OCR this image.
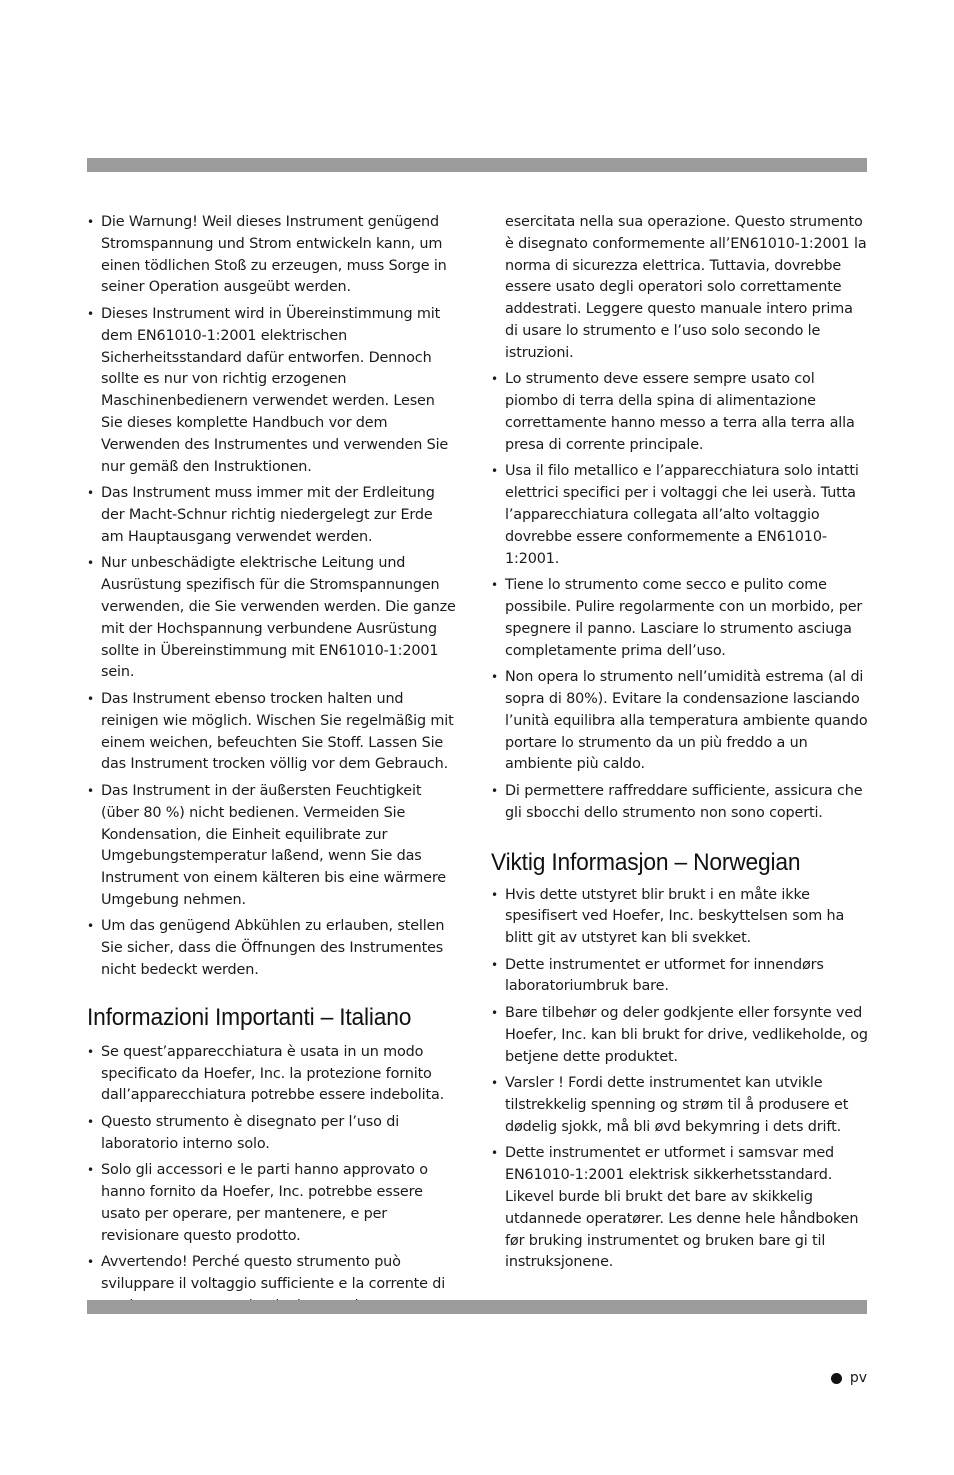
• Die Warnung! Weil dieses Instrument genügend Stromspannung und Strom entwickeln kann, um einen tödlichen Stoß zu erzeugen, muss Sorge in seiner Operation ausgeübt werden.
• Dieses Instrument wird in Übereinstimmung mit dem EN61010-1:2001 elektrischen Sicherheitsstandard dafür entworfen. Dennoch sollte es nur von richtig erzogenen Maschinenbedienern verwendet werden. Lesen Sie dieses komplette Handbuch vor dem Verwenden des Instrumentes und verwenden Sie nur gemäß den Instruktionen.
• Das Instrument muss immer mit der Erdleitung der Macht-Schnur richtig niedergelegt zur Erde am Hauptausgang verwendet werden.
• Nur unbeschädigte elektrische Leitung und Ausrüstung spezifisch für die Stromspannungen verwenden, die Sie verwenden werden. Die ganze mit der Hochspannung verbundene Ausrüstung sollte in Übereinstimmung mit EN61010-1:2001 sein.
• Das Instrument ebenso trocken halten und reinigen wie möglich. Wischen Sie regelmäßig mit einem weichen, befeuchten Sie Stoff. Lassen Sie das Instrument trocken völlig vor dem Gebrauch.
• Das Instrument in der äußersten Feuchtigkeit (über 80 %) nicht bedienen. Vermeiden Sie Kondensation, die Einheit equilibrate zur Umgebungstemperatur laßend, wenn Sie das Instrument von einem kälteren bis eine wärmere Umgebung nehmen.
• Um das genügend Abkühlen zu erlauben, stellen Sie sicher, dass die Öffnungen des Instrumentes nicht bedeckt werden.
Informazioni Importanti – Italiano
• Se quest’apparecchiatura è usata in un modo specificato da Hoefer, Inc. la protezione fornito dall’apparecchiatura potrebbe essere indebolita.
• Questo strumento è disegnato per l’uso di laboratorio interno solo.
• Solo gli accessori e le parti hanno approvato o hanno fornito da Hoefer, Inc. potrebbe essere usato per operare, per mantenere, e per revisionare questo prodotto.
• Avvertendo! Perché questo strumento può sviluppare il voltaggio sufficiente e la corrente di
esercitata nella sua operazione. Questo strumento è disegnato conformemente all’EN61010-1:2001 la norma di sicurezza elettrica. Tuttavia, dovrebbe essere usato degli operatori solo correttamente addestrati. Leggere questo manuale intero prima di usare lo strumento e l’uso solo secondo le istruzioni.
• Lo strumento deve essere sempre usato col piombo di terra della spina di alimentazione correttamente hanno messo a terra alla terra alla presa di corrente principale.
• Usa il filo metallico e l’apparecchiatura solo intatti elettrici specifici per i voltaggi che lei userà. Tutta l’apparecchiatura collegata all’alto voltaggio dovrebbe essere conformemente a EN61010-1:2001.
• Tiene lo strumento come secco e pulito come possibile. Pulire regolarmente con un morbido, per spegnere il panno. Lasciare lo strumento asciuga completamente prima dell’uso.
• Non opera lo strumento nell’umidità estrema (al di sopra di 80%). Evitare la condensazione lasciando l’unità equilibra alla temperatura ambiente quando portare lo strumento da un più freddo a un ambiente più caldo.
• Di permettere raffreddare sufficiente, assicura che gli sbocchi dello strumento non sono coperti.
Viktig Informasjon – Norwegian
• Hvis dette utstyret blir brukt i en måte ikke spesifisert ved Hoefer, Inc. beskyttelsen som ha blitt git av utstyret kan bli svekket.
• Dette instrumentet er utformet for innendørs laboratoriumbruk bare.
• Bare tilbehør og deler godkjente eller forsynte ved Hoefer, Inc. kan bli brukt for drive, vedlikeholde, og betjene dette produktet.
• Varsler ! Fordi dette instrumentet kan utvikle tilstrekkelig spenning og strøm til å produsere et dødelig sjokk, må bli øvd bekymring i dets drift.
• Dette instrumentet er utformet i samsvar med EN61010-1:2001 elektrisk sikkerhetsstandard. Likevel burde bli brukt det bare av skikkelig utdannede operatører. Les denne hele håndboken før bruking instrumentet og bruken bare gi til instruksjonene.
pv
